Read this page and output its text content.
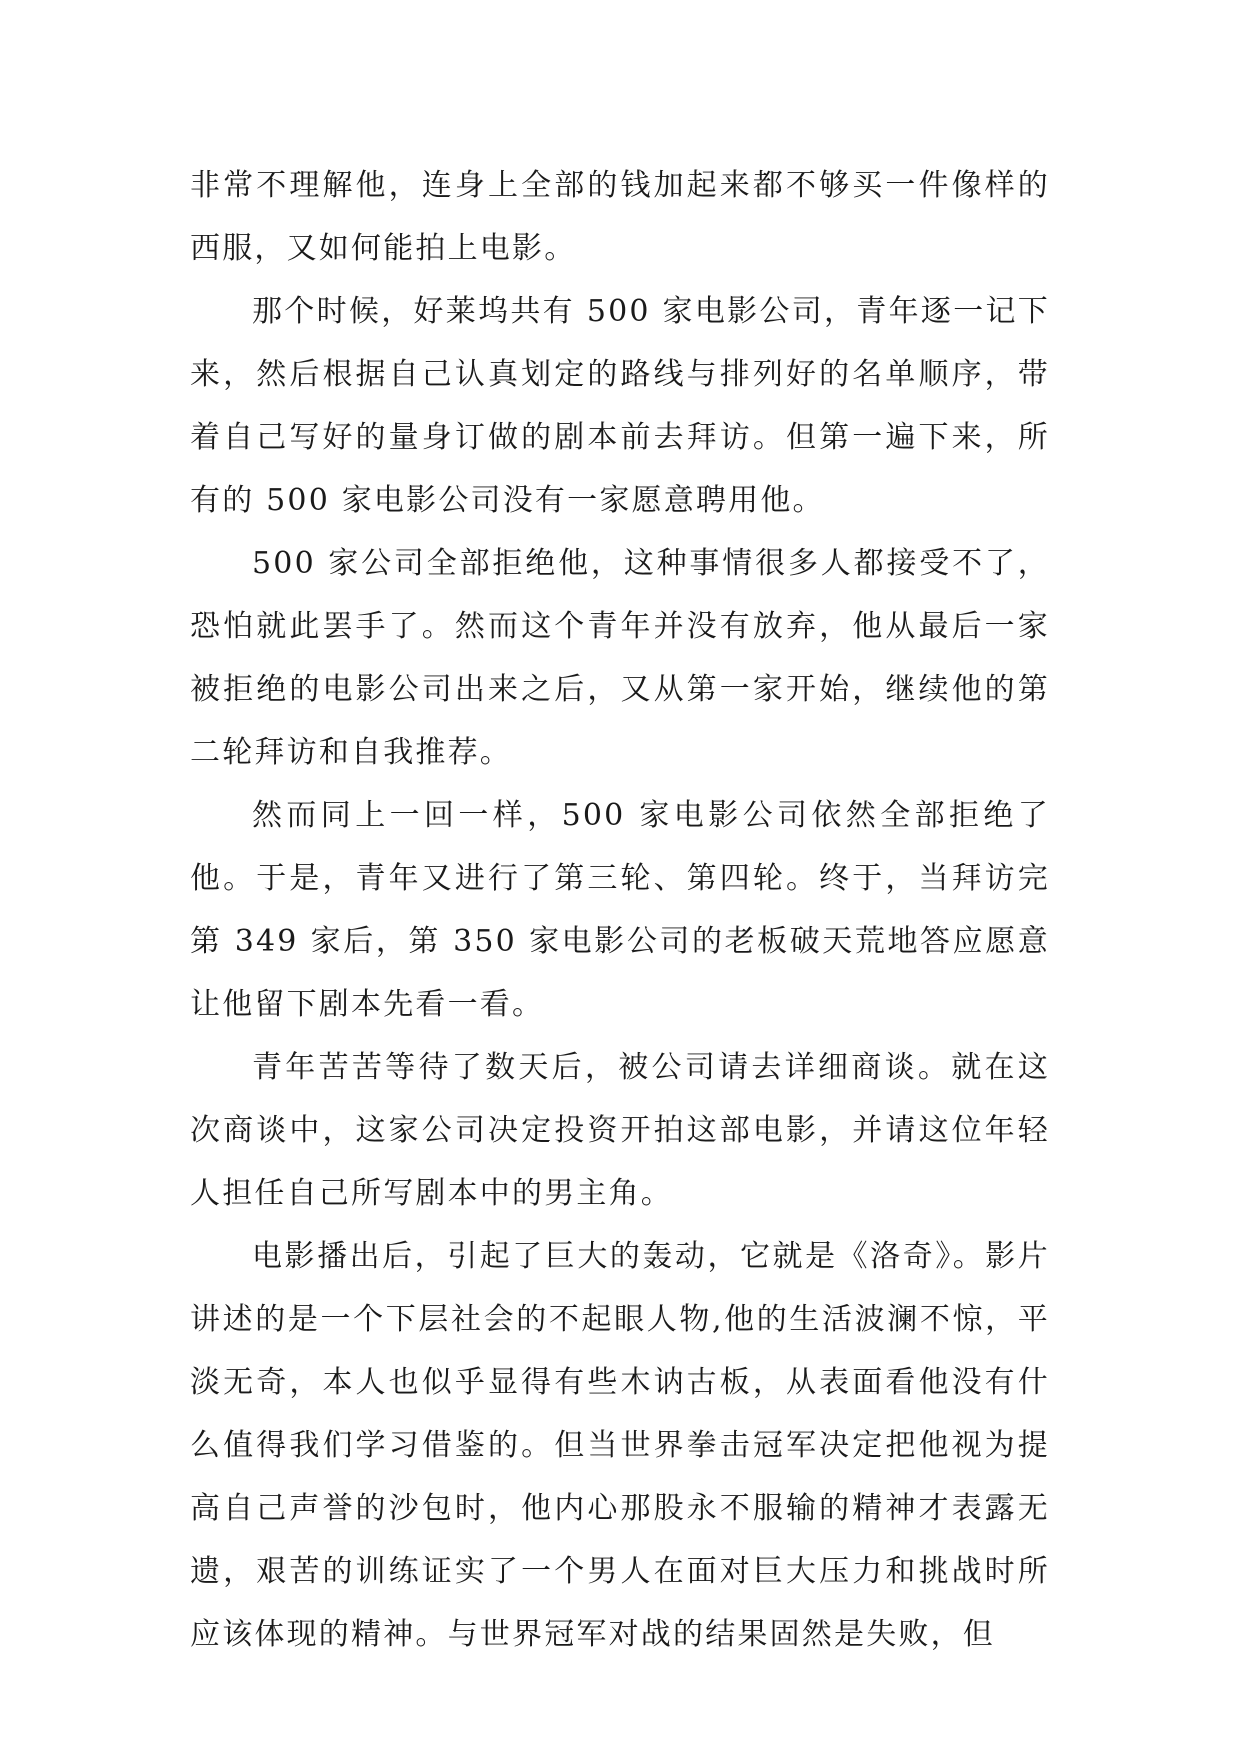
非常不理解他，连身上全部的钱加起来都不够买一件像样的西服，又如何能拍上电影。

那个时候，好莱坞共有 500 家电影公司，青年逐一记下来，然后根据自己认真划定的路线与排列好的名单顺序，带着自己写好的量身订做的剧本前去拜访。但第一遍下来，所有的 500 家电影公司没有一家愿意聘用他。

500 家公司全部拒绝他，这种事情很多人都接受不了，恐怕就此罢手了。然而这个青年并没有放弃，他从最后一家被拒绝的电影公司出来之后，又从第一家开始，继续他的第二轮拜访和自我推荐。

然而同上一回一样，500 家电影公司依然全部拒绝了他。于是，青年又进行了第三轮、第四轮。终于，当拜访完第 349 家后，第 350 家电影公司的老板破天荒地答应愿意让他留下剧本先看一看。

青年苦苦等待了数天后，被公司请去详细商谈。就在这次商谈中，这家公司决定投资开拍这部电影，并请这位年轻人担任自己所写剧本中的男主角。

电影播出后，引起了巨大的轰动，它就是《洛奇》。影片讲述的是一个下层社会的不起眼人物,他的生活波澜不惊，平淡无奇，本人也似乎显得有些木讷古板，从表面看他没有什么值得我们学习借鉴的。但当世界拳击冠军决定把他视为提高自己声誉的沙包时，他内心那股永不服输的精神才表露无遗，艰苦的训练证实了一个男人在面对巨大压力和挑战时所应该体现的精神。与世界冠军对战的结果固然是失败，但
